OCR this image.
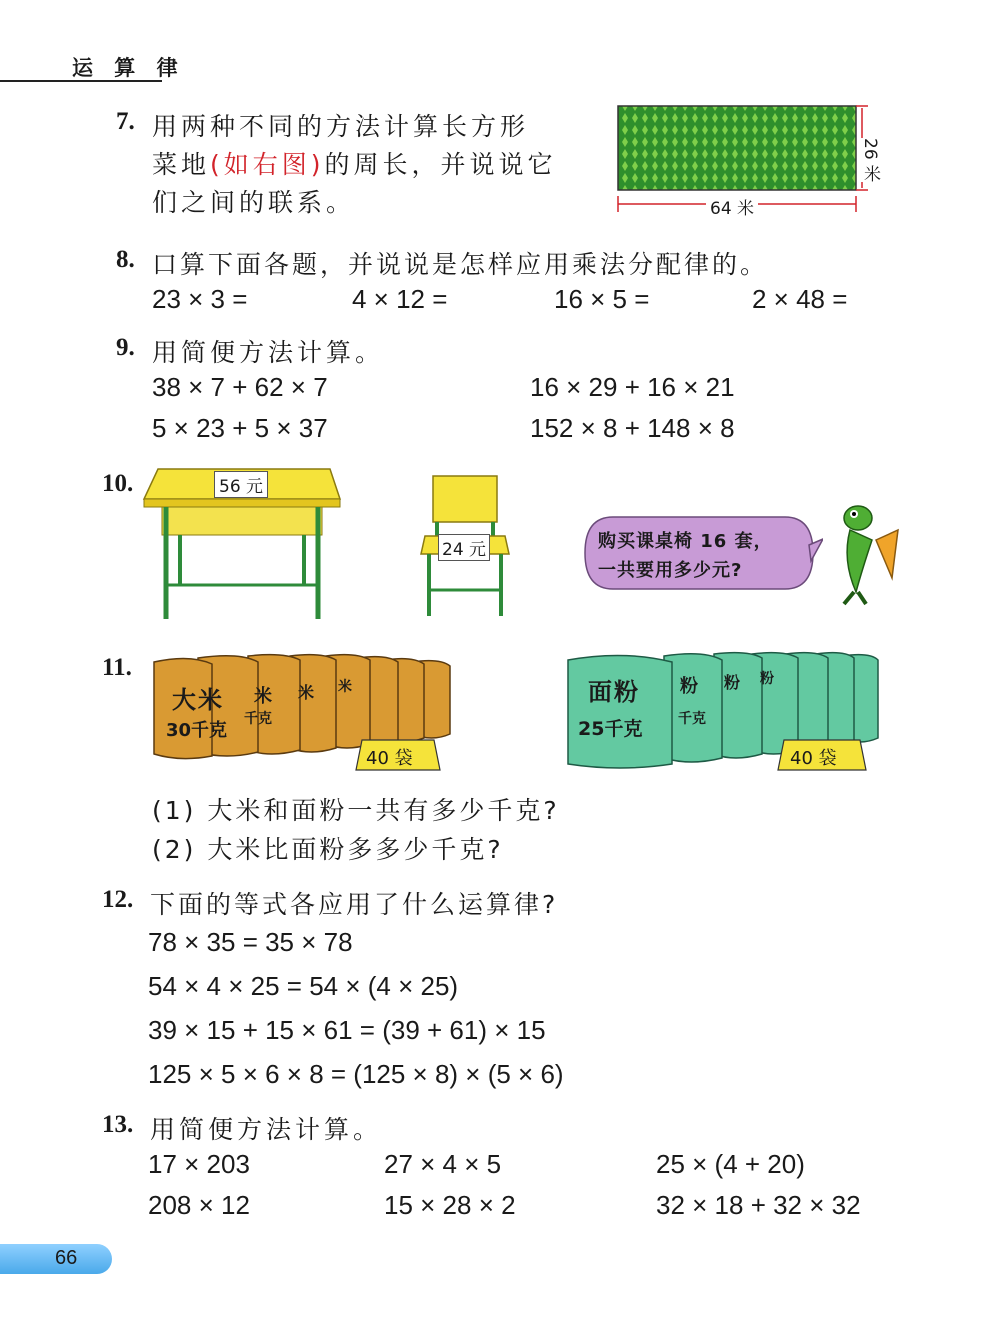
运 算 律
7. 用两种不同的方法计算长方形
菜地(如右图)的周长，并说说它
们之间的联系。	64 米
26 米
8. 口算下面各题，并说说是怎样应用乘法分配律的。
23 × 3 =	4 × 12 =	16 × 5 =	2 × 48 =
9. 用简便方法计算。
38 × 7 + 62 × 7	16 × 29 + 16 × 21
5 × 23 + 5 × 37	152 × 8 + 148 × 8
10.	56 元
24 元	购买课桌椅 16 套，
一共要用多少元?
11.
大米
30千克
米
千克
米 米
40 袋
面粉
25千克
粉
千克
粉 粉
40 袋
(1) 大米和面粉一共有多少千克?
(2) 大米比面粉多多少千克?
12. 下面的等式各应用了什么运算律?
78 × 35 = 35 × 78
54 × 4 × 25 = 54 × (4 × 25)
39 × 15 + 15 × 61 = (39 + 61) × 15
125 × 5 × 6 × 8 = (125 × 8) × (5 × 6)
13. 用简便方法计算。
17 × 203	27 × 4 × 5	25 × (4 + 20)
208 × 12	15 × 28 × 2	32 × 18 + 32 × 32
66
